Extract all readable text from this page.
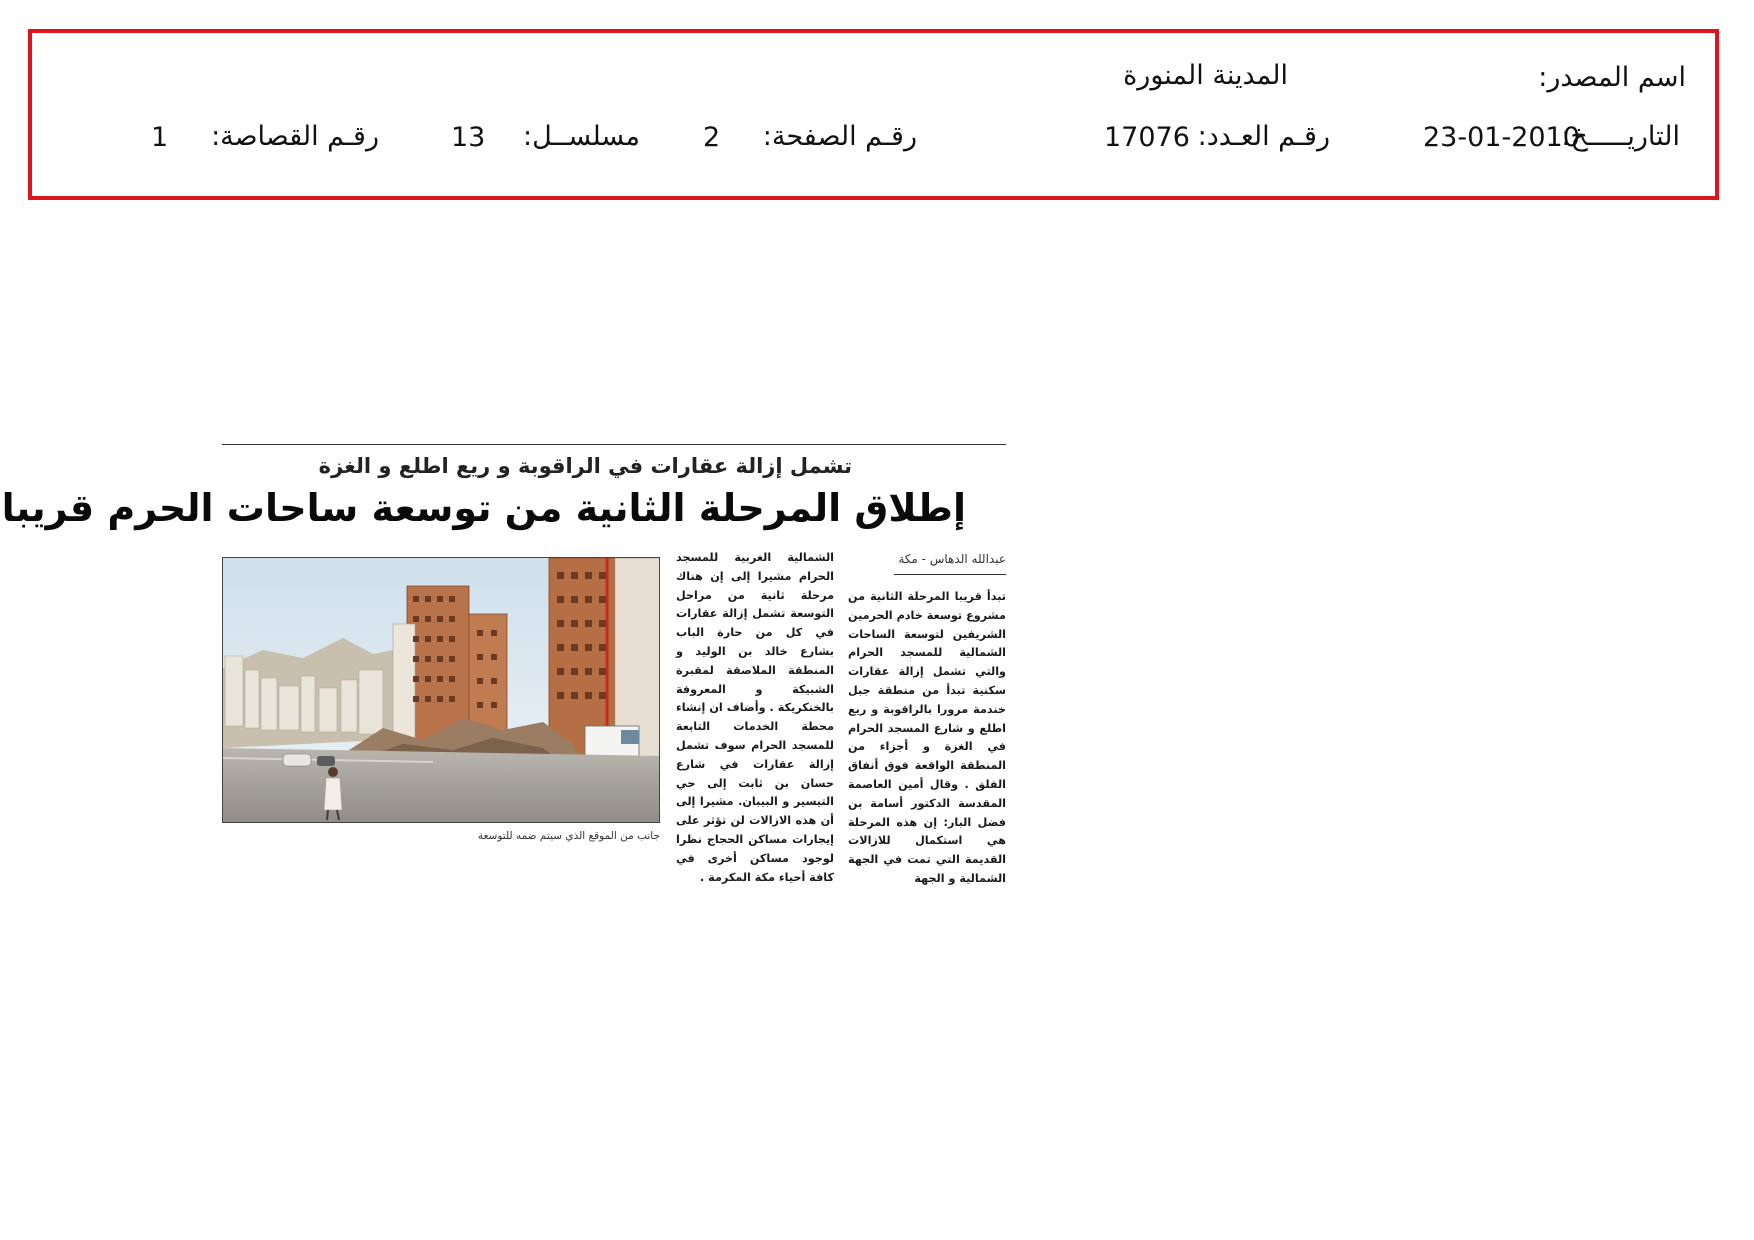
اسم المصدر:
المدينة المنورة
التاريـــــخ:
23-01-2010
رقـم العـدد:
17076
رقـم الصفحة:
2
مسلســل:
13
رقـم القصاصة:
1
تشمل إزالة عقارات في الراقوبة و ريع اطلع و الغزة
إطلاق المرحلة الثانية من توسعة ساحات الحرم قريبا
عبدالله الدهاس - مكة
تبدأ قريبا المرحلة الثانية من مشروع توسعة خادم الحرمين الشريفين لتوسعة الساحات الشمالية للمسجد الحرام والتي تشمل إزالة عقارات سكنية تبدأ من منطقة جبل خندمة مرورا بالراقوبة و ريع اطلع و شارع المسجد الحرام في الغزة و أجزاء من المنطقة الواقعة فوق أنفاق الفلق . وقال أمين العاصمة المقدسة الدكتور أسامة بن فضل البار: إن هذه المرحلة هي استكمال للازالات القديمة التي تمت في الجهة الشمالية و الجهة
الشمالية الغربية للمسجد الحرام مشيرا إلى إن هناك مرحلة ثانية من مراحل التوسعة تشمل إزالة عقارات في كل من حارة الباب بشارع خالد بن الوليد و المنطقة الملاصقة لمقبرة الشبيكة و المعروفة بالخنكريكة . وأضاف ان إنشاء محطة الخدمات التابعة للمسجد الحرام سوف تشمل إزالة عقارات في شارع حسان بن ثابت إلى حي التيسير و البيبان. مشيرا إلى أن هذه الازالات لن تؤثر على إيجارات مساكن الحجاج نظرا لوجود مساكن أخرى في كافة أحياء مكة المكرمة .
جانب من الموقع الذي سيتم ضمه للتوسعة
